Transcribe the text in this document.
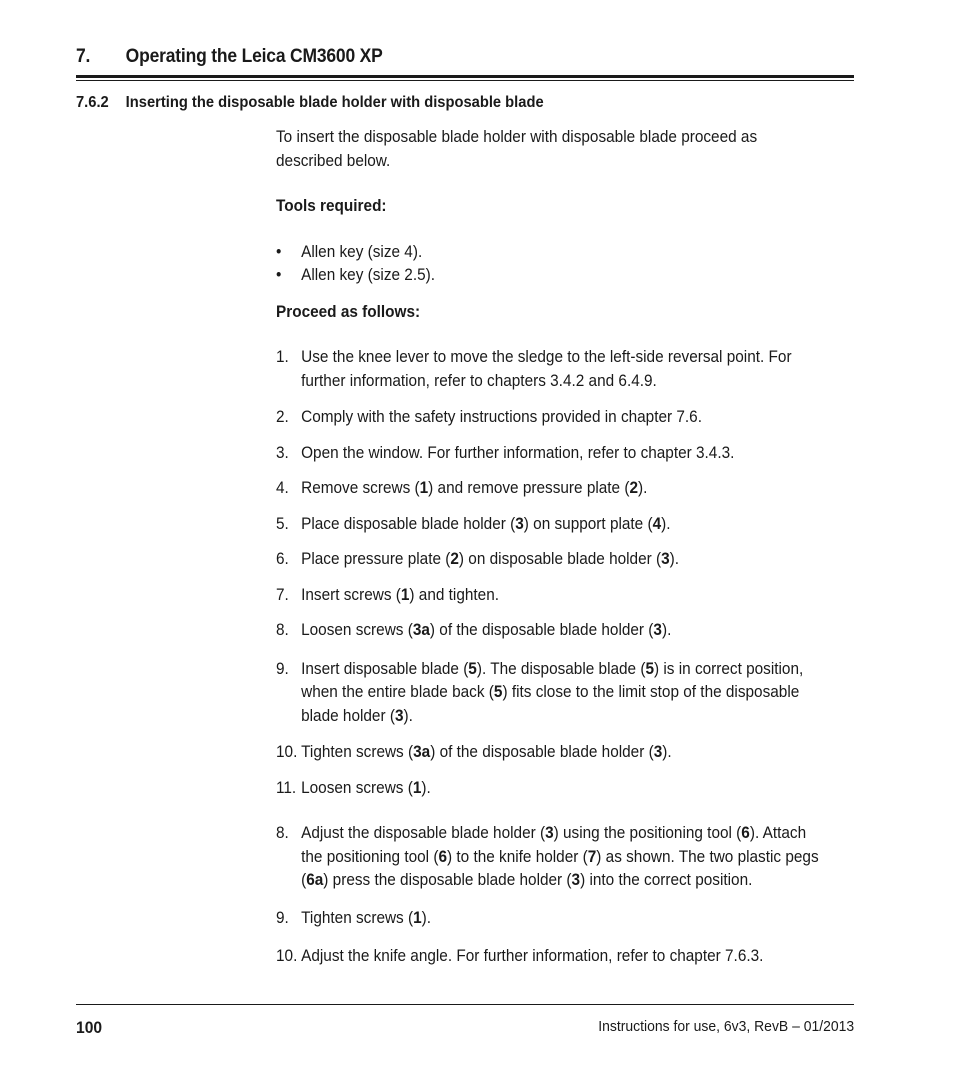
7. Operating the Leica CM3600 XP
7.6.2 Inserting the disposable blade holder with disposable blade

To insert the disposable blade holder with disposable blade proceed as described below.

Tools required:

• Allen key (size 4).

• Allen key (size 2.5).

Proceed as follows:

1. Use the knee lever to move the sledge to the left-side reversal point. For further information, refer to chapters 3.4.2 and 6.4.9.

2. Comply with the safety instructions provided in chapter 7.6.

3. Open the window. For further information, refer to chapter 3.4.3.

4. Remove screws (1) and remove pressure plate (2).

5. Place disposable blade holder (3) on support plate (4).

6. Place pressure plate (2) on disposable blade holder (3).

7. Insert screws (1) and tighten.

8. Loosen screws (3a) of the disposable blade holder (3).

9. Insert disposable blade (5). The disposable blade (5) is in correct position, when the entire blade back (5) fits close to the limit stop of the disposable blade holder (3).

10. Tighten screws (3a) of the disposable blade holder (3).

11. Loosen screws (1).

8. Adjust the disposable blade holder (3) using the positioning tool (6). Attach the positioning tool (6) to the knife holder (7) as shown. The two plastic pegs (6a) press the disposable blade holder (3) into the correct position.

9. Tighten screws (1).

10. Adjust the knife angle. For further information, refer to chapter 7.6.3.

100	Instructions for use, 6v3, RevB – 01/2013
